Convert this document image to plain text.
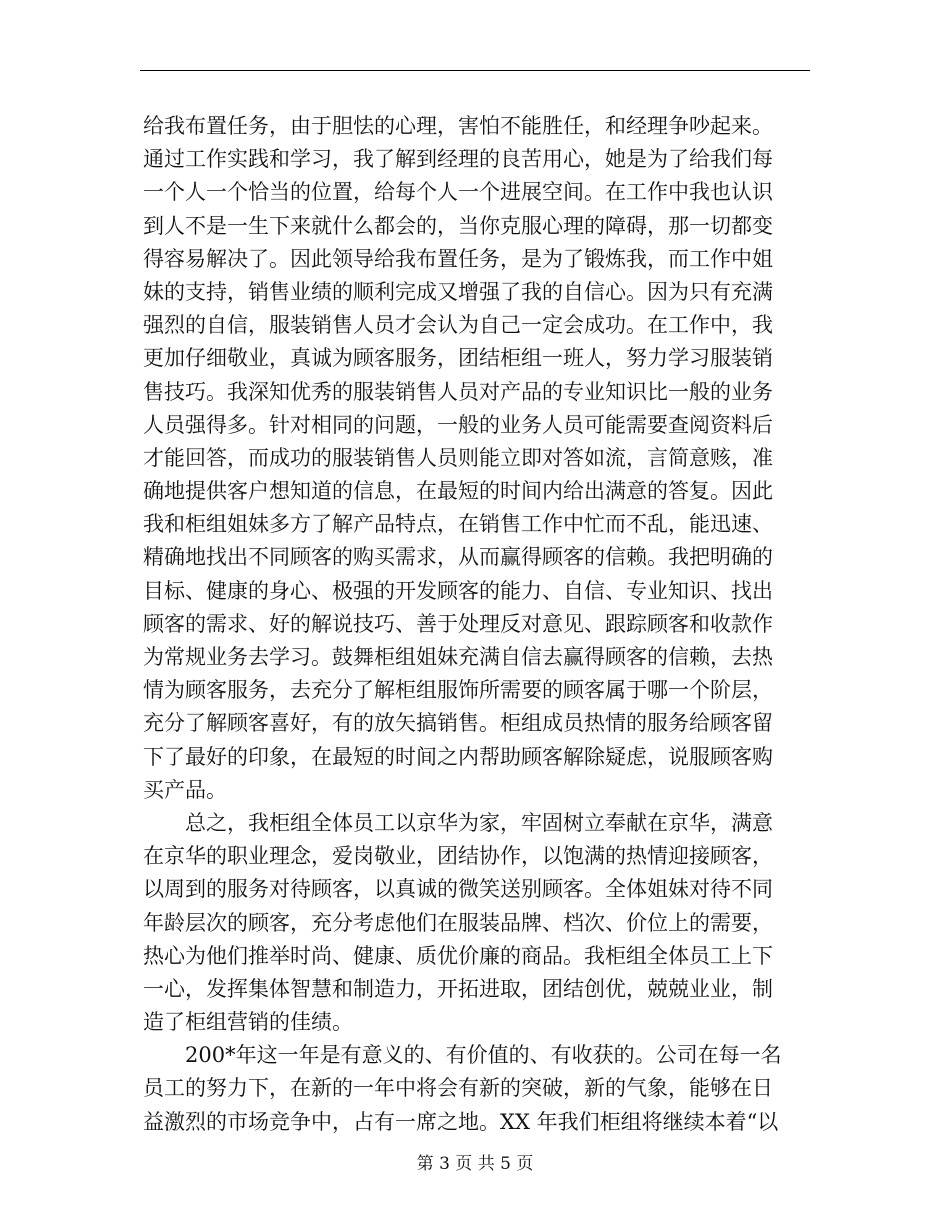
给我布置任务，由于胆怯的心理，害怕不能胜任，和经理争吵起来。
通过工作实践和学习，我了解到经理的良苦用心，她是为了给我们每
一个人一个恰当的位置，给每个人一个进展空间。在工作中我也认识
到人不是一生下来就什么都会的，当你克服心理的障碍，那一切都变
得容易解决了。因此领导给我布置任务，是为了锻炼我，而工作中姐
妹的支持，销售业绩的顺利完成又增强了我的自信心。因为只有充满
强烈的自信，服装销售人员才会认为自己一定会成功。在工作中，我
更加仔细敬业，真诚为顾客服务，团结柜组一班人，努力学习服装销
售技巧。我深知优秀的服装销售人员对产品的专业知识比一般的业务
人员强得多。针对相同的问题，一般的业务人员可能需要查阅资料后
才能回答，而成功的服装销售人员则能立即对答如流，言简意赅，准
确地提供客户想知道的信息，在最短的时间内给出满意的答复。因此
我和柜组姐妹多方了解产品特点，在销售工作中忙而不乱，能迅速、
精确地找出不同顾客的购买需求，从而赢得顾客的信赖。我把明确的
目标、健康的身心、极强的开发顾客的能力、自信、专业知识、找出
顾客的需求、好的解说技巧、善于处理反对意见、跟踪顾客和收款作
为常规业务去学习。鼓舞柜组姐妹充满自信去赢得顾客的信赖，去热
情为顾客服务，去充分了解柜组服饰所需要的顾客属于哪一个阶层，
充分了解顾客喜好，有的放矢搞销售。柜组成员热情的服务给顾客留
下了最好的印象，在最短的时间之内帮助顾客解除疑虑，说服顾客购
买产品。
　　总之，我柜组全体员工以京华为家，牢固树立奉献在京华，满意
在京华的职业理念，爱岗敬业，团结协作，以饱满的热情迎接顾客，
以周到的服务对待顾客，以真诚的微笑送别顾客。全体姐妹对待不同
年龄层次的顾客，充分考虑他们在服装品牌、档次、价位上的需要，
热心为他们推举时尚、健康、质优价廉的商品。我柜组全体员工上下
一心，发挥集体智慧和制造力，开拓进取，团结创优，兢兢业业，制
造了柜组营销的佳绩。
　　200*年这一年是有意义的、有价值的、有收获的。公司在每一名
员工的努力下，在新的一年中将会有新的突破，新的气象，能够在日
益激烈的市场竞争中，占有一席之地。XX 年我们柜组将继续本着“以
第 3 页 共 5 页
